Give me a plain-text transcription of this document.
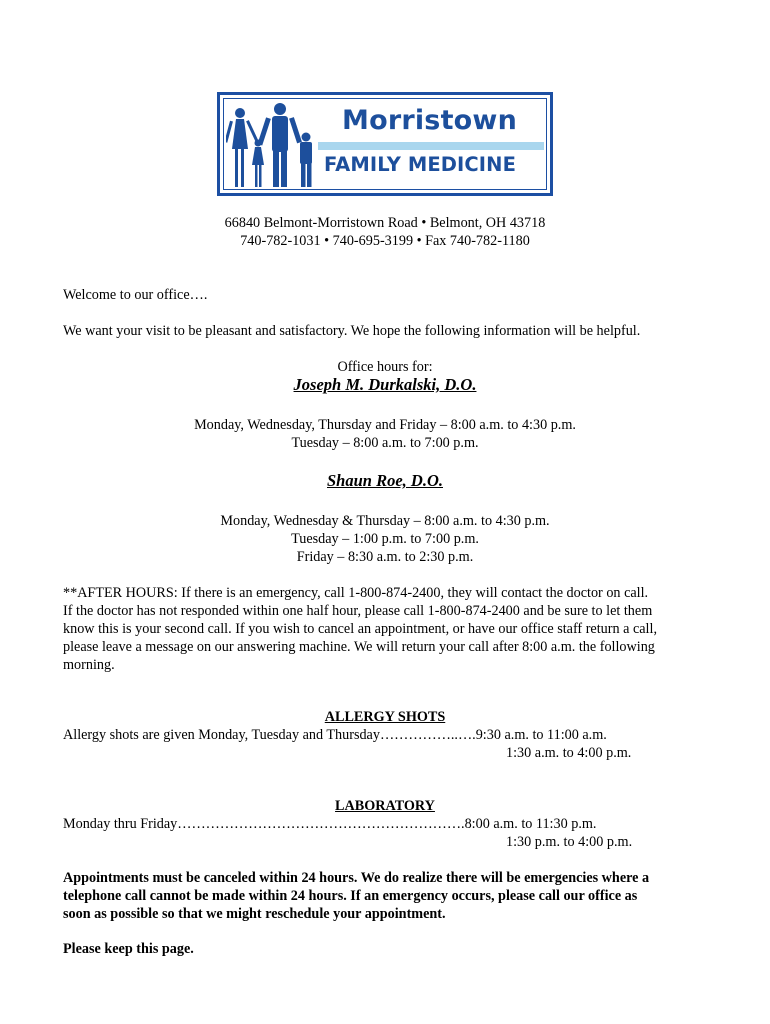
Morristown
FAMILY MEDICINE
66840 Belmont-Morristown Road • Belmont, OH 43718
740-782-1031 • 740-695-3199 • Fax 740-782-1180
Welcome to our office….
We want your visit to be pleasant and satisfactory. We hope the following information will be helpful.
Office hours for:
Joseph M. Durkalski, D.O.
Monday, Wednesday, Thursday and Friday – 8:00 a.m. to 4:30 p.m.
Tuesday – 8:00 a.m. to 7:00 p.m.
Shaun Roe, D.O.
Monday, Wednesday & Thursday – 8:00 a.m. to 4:30 p.m.
Tuesday – 1:00 p.m. to 7:00 p.m.
Friday – 8:30 a.m. to 2:30 p.m.
**AFTER HOURS: If there is an emergency, call 1-800-874-2400, they will contact the doctor on call.
If the doctor has not responded within one half hour, please call 1-800-874-2400 and be sure to let them
know this is your second call. If you wish to cancel an appointment, or have our office staff return a call,
please leave a message on our answering machine. We will return your call after 8:00 a.m. the following
morning.
ALLERGY SHOTS
Allergy shots are given Monday, Tuesday and Thursday……………..….9:30 a.m. to 11:00 a.m.
1:30 a.m. to 4:00 p.m.
LABORATORY
Monday thru Friday…………………………………………………….8:00 a.m. to 11:30 p.m.
1:30 p.m. to 4:00 p.m.
Appointments must be canceled within 24 hours. We do realize there will be emergencies where a
telephone call cannot be made within 24 hours. If an emergency occurs, please call our office as
soon as possible so that we might reschedule your appointment.
Please keep this page.
